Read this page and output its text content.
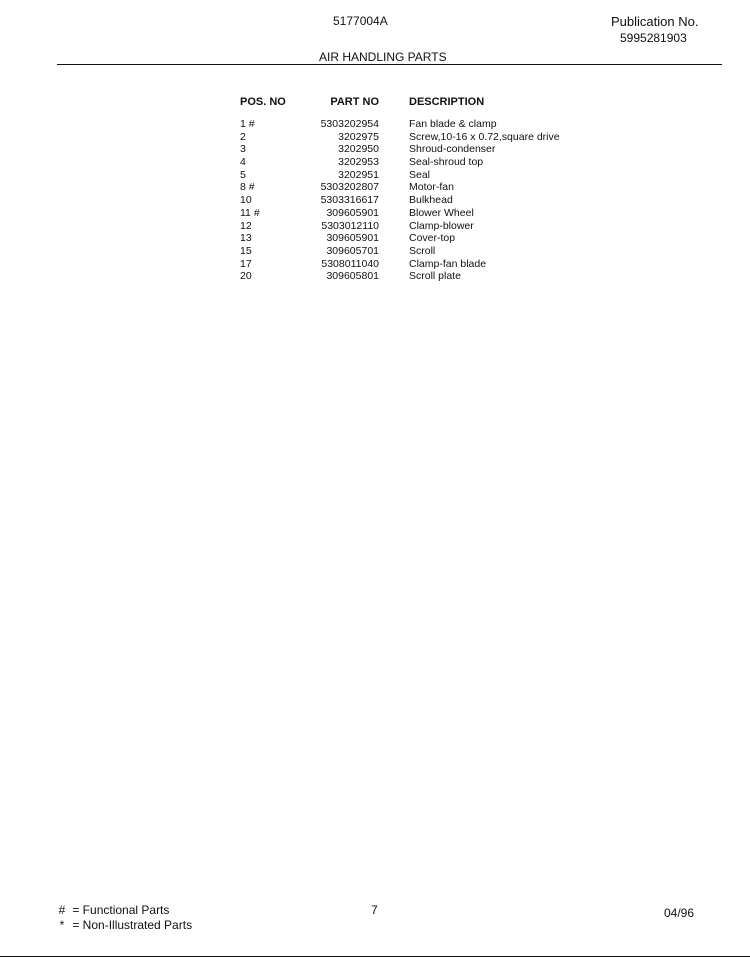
5177004A	Publication No.
5995281903
AIR HANDLING PARTS
POS. NO	PART NO	DESCRIPTION
1 #	5303202954	Fan blade & clamp
2	3202975	Screw,10-16 x 0.72,square drive
3	3202950	Shroud-condenser
4	3202953	Seal-shroud top
5	3202951	Seal
8 #	5303202807	Motor-fan
10	5303316617	Bulkhead
11 #	309605901	Blower Wheel
12	5303012110	Clamp-blower
13	309605901	Cover-top
15	309605701	Scroll
17	5308011040	Clamp-fan blade
20	309605801	Scroll plate
# = Functional Parts
* = Non-Illustrated Parts
7	04/96
